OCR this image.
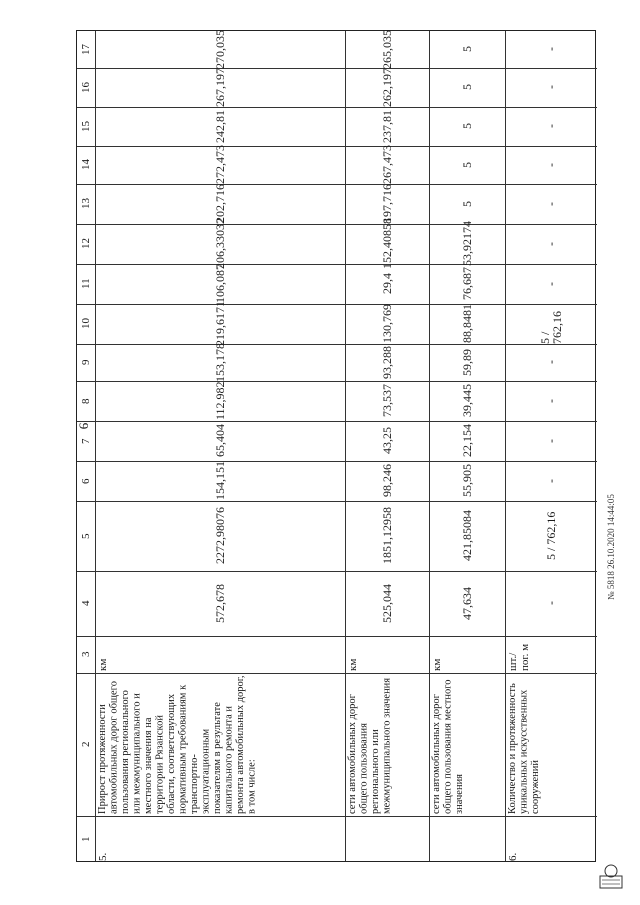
9
1
2
3
4
5
6
7
8
9
10
11
12
13
14
15
16
17
5.
Прирост протяженности автомобильных дорог общего пользования регионального или межмуниципального и местного значения на территории Рязанской области, соответствующих нормативным требованиям к транспортно-эксплуатационным показателям в результате капитального ремонта и ремонта автомобильных дорог, в том числе:
км
572,678
2272,98076
154,151
65,404
112,982
153,178
219,6171
106,087
206,33032
202,716
272,473
242,81
267,197
270,035
сети автомобильных дорог общего пользования регионального или межмуниципального значения
км
525,044
1851,12958
98,246
43,25
73,537
93,288
130,769
29,4
152,40858
197,716
267,473
237,81
262,197
265,035
сети автомобильных дорог общего пользования местного значения
км
47,634
421,85084
55,905
22,154
39,445
59,89
88,8481
76,687
53,92174
5
5
5
5
5
6.
Количество и протяженность уникальных искусственных сооружений
шт./ пог. м
-
5 / 762,16
-
-
-
-
5 / 762,16
-
-
-
-
-
-
-
№ 5818 26.10.2020 14:44:05
